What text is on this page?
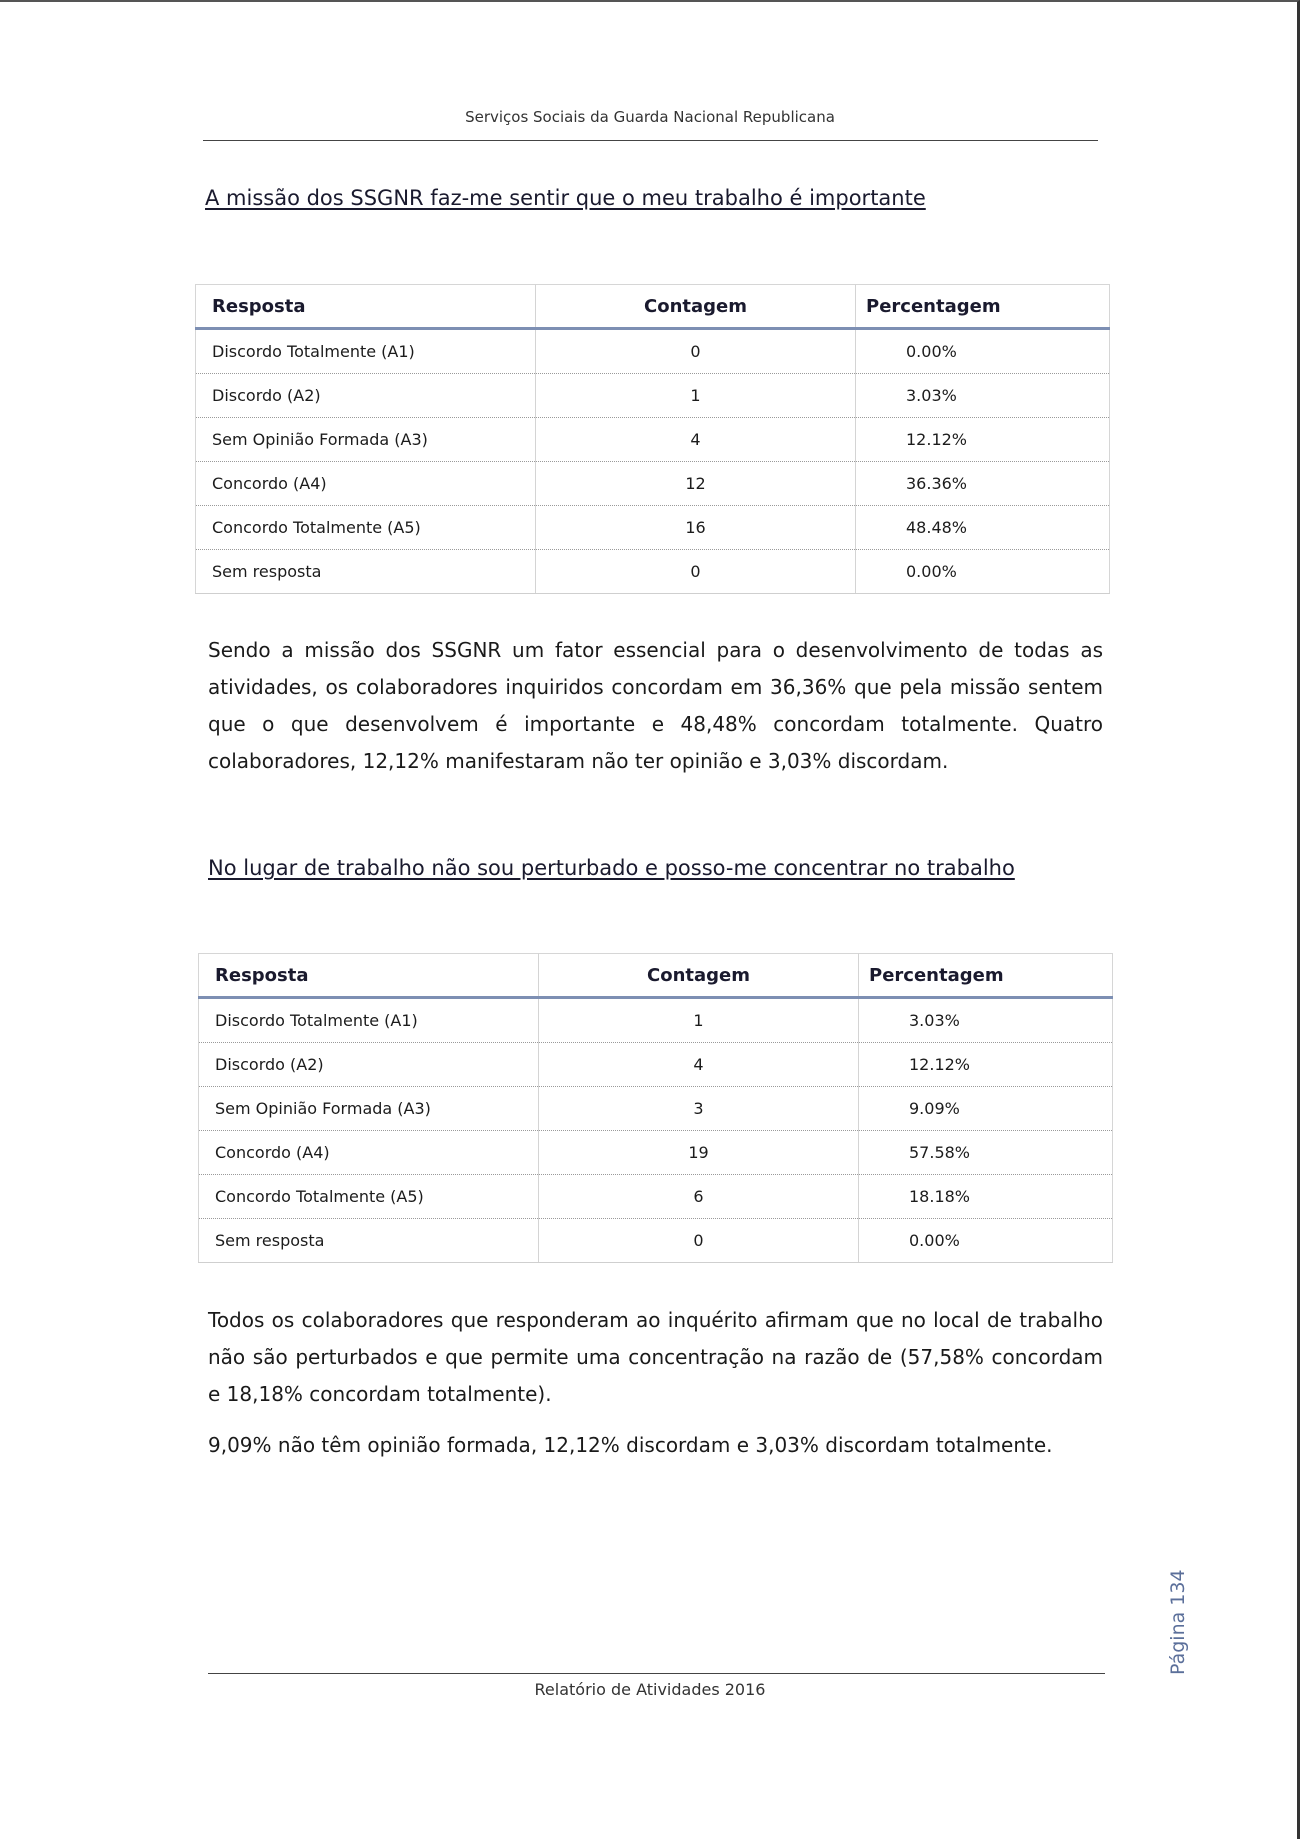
Serviços Sociais da Guarda Nacional Republicana
A missão dos SSGNR faz-me sentir que o meu trabalho é importante
Resposta	Contagem	Percentagem
Discordo Totalmente (A1)	0	0.00%
Discordo (A2)	1	3.03%
Sem Opinião Formada (A3)	4	12.12%
Concordo (A4)	12	36.36%
Concordo Totalmente (A5)	16	48.48%
Sem resposta	0	0.00%
Sendo a missão dos SSGNR um fator essencial para o desenvolvimento de todas as atividades, os colaboradores inquiridos concordam em 36,36% que pela missão sentem que o que desenvolvem é importante e 48,48% concordam totalmente. Quatro colaboradores, 12,12% manifestaram não ter opinião e 3,03% discordam.
No lugar de trabalho não sou perturbado e posso-me concentrar no trabalho
Resposta	Contagem	Percentagem
Discordo Totalmente (A1)	1	3.03%
Discordo (A2)	4	12.12%
Sem Opinião Formada (A3)	3	9.09%
Concordo (A4)	19	57.58%
Concordo Totalmente (A5)	6	18.18%
Sem resposta	0	0.00%
Todos os colaboradores que responderam ao inquérito afirmam que no local de trabalho não são perturbados e que permite uma concentração na razão de (57,58% concordam e 18,18% concordam totalmente).
9,09% não têm opinião formada, 12,12% discordam e 3,03% discordam totalmente.
Página 134
Relatório de Atividades 2016
